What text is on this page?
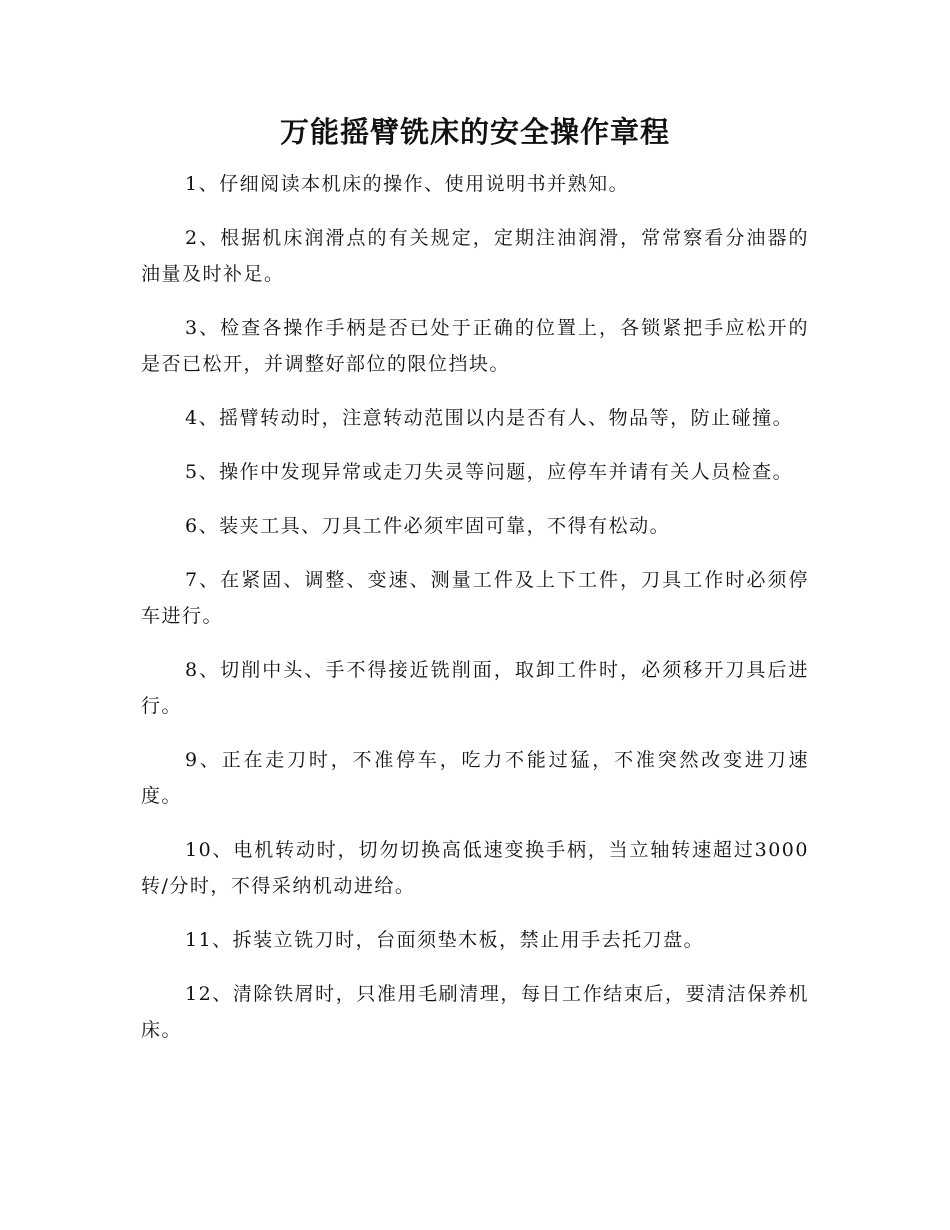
万能摇臂铣床的安全操作章程

1、仔细阅读本机床的操作、使用说明书并熟知。

2、根据机床润滑点的有关规定，定期注油润滑，常常察看分油器的油量及时补足。

3、检查各操作手柄是否已处于正确的位置上，各锁紧把手应松开的是否已松开，并调整好部位的限位挡块。

4、摇臂转动时，注意转动范围以内是否有人、物品等，防止碰撞。

5、操作中发现异常或走刀失灵等问题，应停车并请有关人员检查。

6、装夹工具、刀具工件必须牢固可靠，不得有松动。

7、在紧固、调整、变速、测量工件及上下工件，刀具工作时必须停车进行。

8、切削中头、手不得接近铣削面，取卸工件时，必须移开刀具后进行。

9、正在走刀时，不准停车，吃力不能过猛，不准突然改变进刀速度。

10、电机转动时，切勿切换高低速变换手柄，当立轴转速超过3000 转/分时，不得采纳机动进给。

11、拆装立铣刀时，台面须垫木板，禁止用手去托刀盘。

12、清除铁屑时，只准用毛刷清理，每日工作结束后，要清洁保养机床。
